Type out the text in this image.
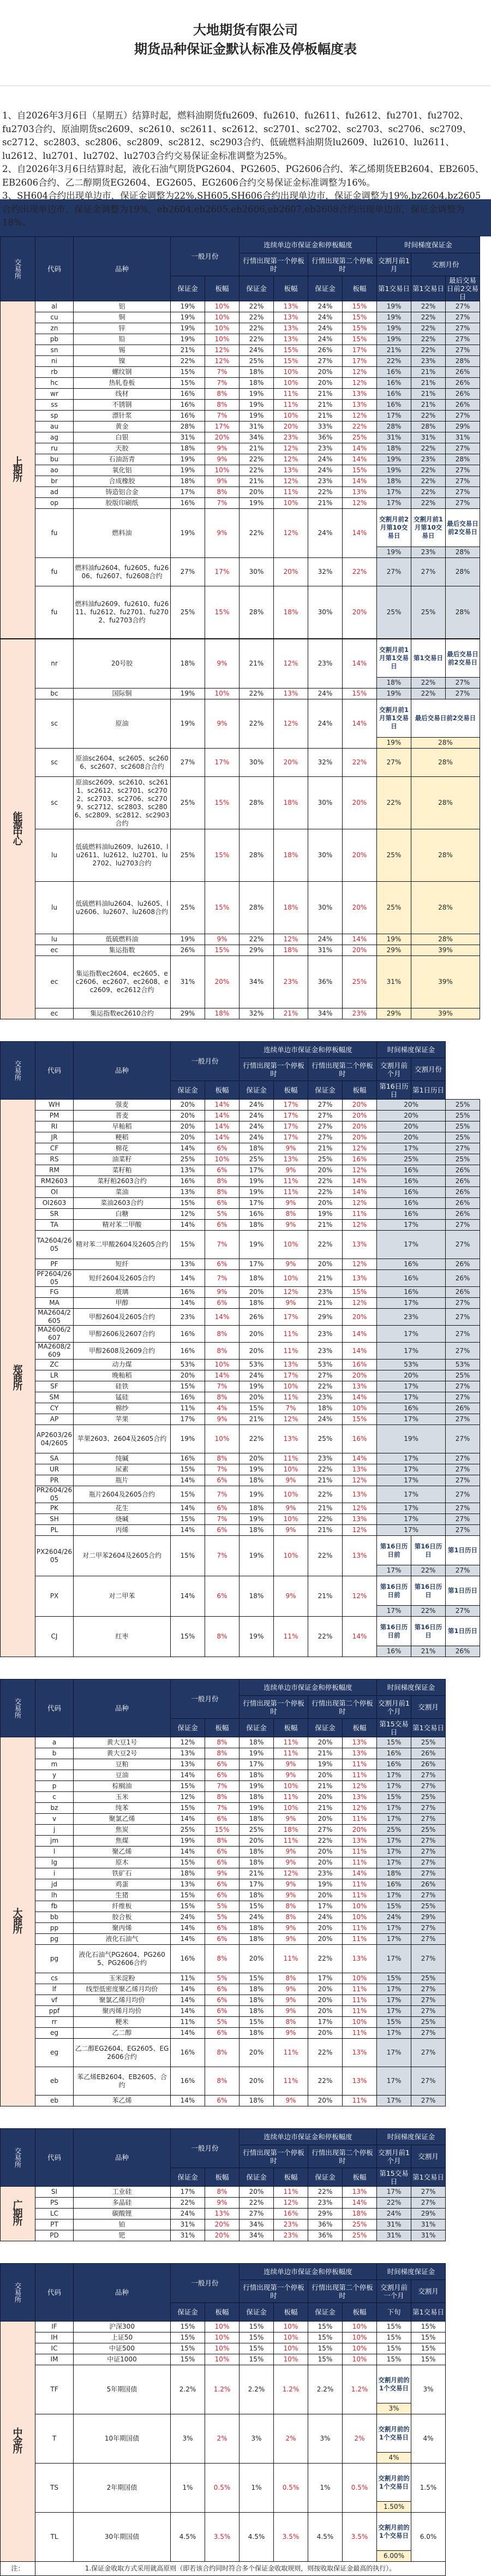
大地期货有限公司
期货品种保证金默认标准及停板幅度表

1、自2026年3月6日（星期五）结算时起，燃料油期货fu2609、fu2610、fu2611、fu2612、fu2701、fu2702、fu2703合约、原油期货sc2609、sc2610、sc2611、sc2612、sc2701、sc2702、sc2703、sc2706、sc2709、sc2712、sc2803、sc2806、sc2809、sc2812、sc2903合约、低硫燃料油期货lu2609、lu2610、lu2611、lu2612、lu2701、lu2702、lu2703合约交易保证金标准调整为25%。

2、自2026年3月6日结算时起，液化石油气期货PG2604、PG2605、PG2606合约、苯乙烯期货EB2604、EB2605、EB2606合约、乙二醇期货EG2604、EG2605、EG2606合约交易保证金标准调整为16%。

3、SH604合约出现单边市，保证金调整为22%,SH605,SH606合约出现单边市，保证金调整为19%,bz2604,bz2605合约出现单边市，保证金调整为19%，eb2604,eb2605,eb2606,eb2607,eb2608合约出现单边市，保证金调整为18%。

交易所	代码	品种	一般月份		连续单边市保证金和停板幅度				时间梯度保证金		
					行情出现第一个停板时		行情出现第二个停板时		交割月前1月	交割月份	
			保证金	板幅	保证金	板幅	保证金	板幅	第1交易日	第1交易日	最后交易日前2交易日

上期所	al	铝	19%	10%	22%	13%	24%	15%	19%	22%	27%
	cu	铜	19%	10%	22%	13%	24%	15%	19%	22%	27%
	zn	锌	19%	10%	22%	13%	24%	15%	19%	22%	27%
	pb	铅	19%	10%	22%	13%	24%	15%	19%	22%	27%
	sn	锡	21%	12%	24%	15%	26%	17%	21%	22%	27%
	ni	镍	22%	12%	25%	15%	27%	17%	22%	23%	28%
	rb	螺纹钢	15%	7%	18%	10%	20%	12%	16%	21%	26%
	hc	热轧卷板	15%	7%	18%	10%	20%	12%	16%	21%	26%
	wr	线材	16%	8%	19%	11%	21%	13%	16%	21%	26%
	ss	不锈钢	16%	8%	19%	11%	21%	13%	16%	21%	26%
	sp	漂针浆	16%	7%	19%	10%	21%	12%	17%	22%	27%
	au	黄金	28%	17%	31%	20%	33%	22%	28%	28%	29%
	ag	白银	31%	20%	34%	23%	36%	25%	31%	31%	31%
	ru	天胶	18%	9%	21%	12%	23%	14%	18%	22%	27%
	bu	石油沥青	19%	9%	22%	12%	24%	14%	19%	23%	28%
	ao	氧化铝	19%	10%	22%	13%	24%	15%	19%	22%	27%
	br	合成橡胶	18%	9%	21%	12%	23%	14%	18%	22%	27%
	ad	铸造铝合金	17%	8%	20%	11%	22%	13%	17%	22%	27%
	op	胶版印刷纸	16%	7%	19%	10%	21%	12%	17%	22%	27%
	fu	燃料油	19%	9%	22%	12%	24%	14%	交割月前2月第10交易日	交割月前1月第10交易日	最后交易日前2交易日
									19%	23%	28%
	fu	燃料油fu2604、fu2605、fu2606、fu2607、fu2608合约	27%	17%	30%	20%	32%	22%	27%	27%	28%
	fu	燃料油fu2609、fu2610、fu2611、fu2612、fu2701、fu2702、fu2703合约	25%	15%	28%	18%	30%	20%	25%	25%	28%
能源中心	nr	20号胶	18%	9%	21%	12%	23%	14%	交割月前1月第1交易日	第1交易日	最后交易日前2交易日
									18%	22%	27%
	bc	国际铜	19%	10%	22%	13%	24%	15%	19%	22%	27%
	sc	原油	19%	9%	22%	12%	24%	14%	交割月前1月第1交易日	最后交易日前2交易日	
									19%	28%	
	sc	原油sc2604、sc2605、sc2606、sc2607、sc2608合合约	27%	17%	30%	20%	32%	22%	27%	28%	
	sc	原油sc2609、sc2610、sc2611、sc2612、sc2701、sc2702、sc2703、sc2706、sc2709、sc2712、sc2803、sc2806、sc2809、sc2812、sc2903合约	25%	15%	28%	18%	30%	20%	22%	28%	
	lu	低硫燃料油lu2609、lu2610、lu2611、lu2612、lu2701、lu2702、lu2703合约	25%	15%	28%	18%	30%	20%	25%	28%	
	lu	低硫燃料油lu2604、lu2605、lu2606、lu2607、lu2608合约	25%	15%	28%	18%	30%	20%	25%	28%	
	lu	低硫燃料油	19%	9%	22%	12%	24%	14%	19%	28%	
	ec	集运指数	26%	15%	29%	18%	31%	20%	29%	39%	
	ec	集运指数ec2604、ec2605、ec2606、ec2607、ec2608、ec2609、ec2612合约	31%	20%	34%	23%	36%	25%	31%	39%	
	ec	集运指数ec2610合约	29%	18%	32%	21%	34%	23%	29%	39%	
交易所	代码	品种	一般月份		连续单边市保证金和停板幅度				时间梯度保证金		
					行情出现第一个停板时		行情出现第二个停板时		交割月前个月	交割月份	
			保证金	板幅	保证金	板幅	保证金	板幅	第16日历日	第1日历日	

郑商所	WH	强麦	20%	14%	24%	17%	27%	20%	20%		25%
	PM	普麦	20%	14%	24%	17%	27%	20%	20%		25%
	RI	早籼稻	20%	14%	24%	17%	27%	20%	20%		25%
	JR	粳稻	20%	14%	24%	17%	27%	20%	20%		25%
	CF	棉花	14%	6%	18%	9%	21%	12%	17%		27%
	RS	油菜籽	25%	10%	25%	13%	25%	16%	25%		25%
	RM	菜籽粕	13%	6%	17%	9%	20%	12%	16%		26%
	RM2603	菜籽粕2603合约	16%	8%	19%	11%	22%	14%	16%		26%
	OI	菜油	13%	8%	19%	11%	22%	14%	16%		26%
	OI2603	菜油2603合约	15%	6%	17%	9%	20%	12%	16%		26%
	SR	白糖	12%	5%	16%	8%	19%	11%	16%		26%
	TA	精对苯二甲酸	14%	6%	18%	9%	21%	12%	17%		27%
	TA2604/2605	精对苯二甲酸2604及2605合约	15%	7%	19%	10%	22%	13%	17%		27%
	PF	短纤	13%	6%	17%	9%	20%	12%	16%		26%
	PF2604/2605	短纤2604及2605合约	14%	7%	18%	10%	21%	13%	16%		26%
	FG	玻璃	16%	9%	20%	12%	23%	15%	16%		26%
	MA	甲醇	14%	6%	18%	9%	21%	12%	17%		27%
	MA2604/2605	甲醇2604及2605合约	23%	14%	26%	17%	29%	20%	23%		27%
	MA2606/2607	甲醇2606及2607合约	16%	8%	20%	11%	23%	14%	17%		27%
	MA2608/2609	甲醇2608及2609合约	16%	8%	20%	11%	23%	14%	17%		27%
	ZC	动力煤	53%	10%	53%	13%	53%	16%	53%		53%
	LR	晚籼稻	20%	14%	24%	17%	27%	20%	20%		25%
	SF	硅铁	15%	7%	19%	10%	22%	13%	17%		27%
	SM	锰硅	16%	8%	20%	11%	23%	14%	17%		27%
	CY	棉纱	11%	4%	15%	7%	18%	10%	16%		26%
	AP	苹果	17%	9%	21%	12%	24%	15%	17%		27%
	AP2603/2604/2605	苹果2603、2604及2605合约	19%	10%	22%	13%	25%	16%	19%		27%
	SA	纯碱	16%	8%	20%	11%	23%	14%	17%		27%
	UR	尿素	15%	7%	19%	10%	22%	13%	17%		27%
	PR	瓶片	14%	6%	18%	9%	21%	12%	17%		27%
	PR2604/2605	瓶片2604及2605合约	15%	7%	19%	10%	22%	13%	17%		27%
	PK	花生	14%	6%	18%	9%	21%	12%	17%		27%
	SH	烧碱	15%	7%	19%	10%	22%	13%	17%		27%
	PL	丙烯	14%	6%	18%	9%	21%	12%	17%		27%
	PX2604/2605	对二甲苯2604及2605合约	15%	7%	19%	10%	22%	13%	第16日历日前	第16日历日	第1日历日
									17%	22%	27%
	PX	对二甲苯	14%	6%	18%	9%	21%	12%	第16日历日前	第16日历日	第1日历日
									17%	22%	27%
	CJ	红枣	15%	8%	19%	11%	22%	14%	第16日历日前	第16日历日	第1日历日
									16%	21%	26%
交易所	代码	品种	一般月份		连续单边市保证金和停板幅度				时间梯度保证金		
					行情出现第一个停板时		行情出现第二个停板时		交割月前1个月	交割月	
			保证金	板幅	保证金	板幅	保证金	板幅	第15交易日	第1交易日	

大商所	a	黄大豆1号	12%	8%	18%	11%	20%	13%	15%	25%	
	b	黄大豆2号	13%	8%	19%	11%	21%	13%	16%	26%	
	m	豆粕	13%	6%	17%	9%	19%	11%	16%	26%	
	y	豆油	14%	6%	18%	9%	20%	11%	17%	27%	
	p	棕榈油	15%	7%	19%	10%	21%	12%	17%	27%	
	c	玉米	12%	8%	18%	11%	20%	13%	15%	25%	
	bz	纯苯	15%	7%	19%	10%	21%	12%	17%	27%	
	v	聚氯乙烯	14%	6%	18%	9%	20%	11%	17%	27%	
	j	焦炭	25%	15%	25%	18%	27%	20%	25%	25%	
	jm	焦煤	19%	8%	20%	11%	22%	13%	17%	27%	
	l	聚乙烯	14%	6%	18%	9%	20%	11%	17%	27%	
	lg	原木	15%	6%	18%	9%	20%	11%	17%	27%	
	i	铁矿石	18%	9%	21%	12%	23%	14%	18%	27%	
	jd	鸡蛋	13%	6%	17%	9%	19%	11%	16%	26%	
	lh	生猪	15%	6%	18%	9%	20%	11%	17%	27%	
	fb	纤维板	15%	5%	15%	8%	17%	10%	15%	25%	
	bb	胶合板	24%	5%	24%	8%	24%	10%	24%	29%	
	pp	聚丙烯	14%	6%	18%	9%	20%	11%	17%	27%	
	pg	液化石油气	14%	6%	18%	9%	20%	11%	17%	27%	
	pg	液化石油气PG2604、PG2605、PG2606合约	16%	8%	20%	11%	22%	13%	17%	27%	
	cs	玉米淀粉	11%	5%	15%	8%	17%	10%	15%	25%	
	lf	线型低密度聚乙烯月均价	14%	6%	18%	9%	20%	11%	17%	27%	
	vf	聚氯乙烯月均价	14%	6%	18%	9%	20%	11%	17%	27%	
	ppf	聚丙烯月均价	14%	6%	18%	9%	20%	11%	17%	27%	
	rr	粳米	11%	5%	15%	8%	17%	10%	15%	25%	
	eg	乙二醇	14%	6%	18%	9%	20%	11%	17%	27%	
	eg	乙二醇EG2604、EG2605、EG2606合约	16%	8%	20%	11%	22%	13%	17%	27%	
	eb	苯乙烯EB2604、EB2605、合约	16%	8%	20%	11%	22%	13%	17%	27%	
	eb	苯乙烯	14%	6%	18%	9%	20%	11%	17%	27%	
交易所	代码	品种	一般月份		连续单边市保证金和停板幅度				时间梯度保证金		
					行情出现第一个停板时		行情出现第二个停板时		交割月前1个月	交割月	
			保证金	板幅	保证金	板幅	保证金	板幅	第15交易日	第1交易日	

广期所	SI	工业硅	17%	8%	20%	11%	22%	13%	17%	27%	
	PS	多晶硅	22%	9%	22%	12%	23%	14%	22%	27%	
	LC	碳酸锂	24%	13%	27%	16%	29%	18%	24%	29%	
	PT	铂	31%	20%	34%	23%	36%	25%	31%	31%	
	PD	钯	31%	20%	34%	23%	36%	25%	31%	31%	
交易所	代码	品种	一般月份		连续单边市保证金和停板幅度				时间梯度保证金		
					行情出现第一个停板时		行情出现第二个停板时		交割月前一个月	交割月	
			保证金	板幅	保证金	板幅	保证金	板幅	下旬	第1交易日	

中金所	IF	沪深300	15%	10%	15%	10%	15%	10%	15%	15%	
	IH	上证50	15%	10%	15%	10%	15%	10%	15%	15%	
	IC	中证500	15%	10%	15%	10%	15%	10%	15%	15%	
	IM	中证1000	15%	10%	15%	10%	15%	10%	15%	15%	
	TF	5年期国债	2.2%	1.2%	2.2%	1.2%	2.2%	1.2%	交割月前的1个交易日	3%	
									3%		
	T	10年期国债	3%	2%	3%	2%	3%	2%	交割月前的1个交易日	4%	
									4%		
	TS	2年期国债	1%	0.5%	1%	0.5%	1%	0.5%	交割月前的1个交易日	1.5%	
									1.50%		
	TL	30年期国债	4.5%	3.5%	4.5%	3.5%	4.5%	3.5%	交割月前的1个交易日	6.0%	
									6.00%		
注：	1.保证金收取方式采用就高原则（即若该合约同时符合多个保证金收取规则，则按收取保证金最高的执行）。										
